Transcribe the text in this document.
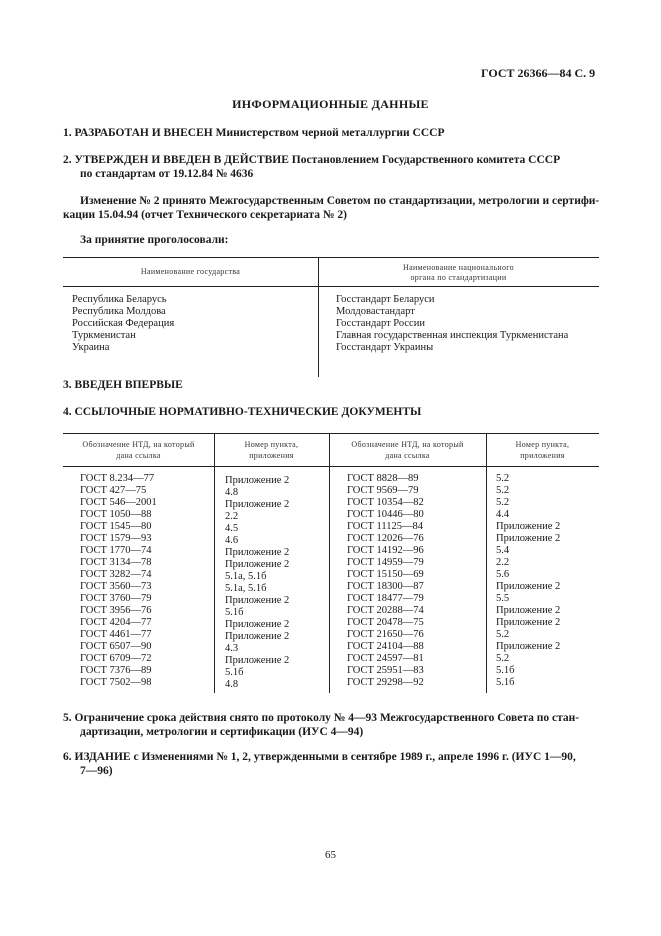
ГОСТ 26366—84 С. 9
ИНФОРМАЦИОННЫЕ ДАННЫЕ
1. РАЗРАБОТАН И ВНЕСЕН Министерством черной металлургии СССР
2. УТВЕРЖДЕН И ВВЕДЕН В ДЕЙСТВИЕ Постановлением Государственного комитета СССР
по стандартам от 19.12.84 № 4636
Изменение № 2 принято Межгосударственным Советом по стандартизации, метрологии и сертифи-
кации 15.04.94 (отчет Технического секретариата № 2)
За принятие проголосовали:
Наименование государства	Наименование национального
органа по стандартизации
Республика Беларусь
Республика Молдова
Российская Федерация
Туркменистан
Украина
Госстандарт Беларуси
Молдовастандарт
Госстандарт России
Главная государственная инспекция Туркменистана
Госстандарт Украины
3. ВВЕДЕН ВПЕРВЫЕ
4. ССЫЛОЧНЫЕ НОРМАТИВНО-ТЕХНИЧЕСКИЕ ДОКУМЕНТЫ
Обозначение НТД, на который
дана ссылка
Номер пункта,
приложения
Обозначение НТД, на который
дана ссылка
Номер пункта,
приложения
ГОСТ 8.234—77
ГОСТ 427—75
ГОСТ 546—2001
ГОСТ 1050—88
ГОСТ 1545—80
ГОСТ 1579—93
ГОСТ 1770—74
ГОСТ 3134—78
ГОСТ 3282—74
ГОСТ 3560—73
ГОСТ 3760—79
ГОСТ 3956—76
ГОСТ 4204—77
ГОСТ 4461—77
ГОСТ 6507—90
ГОСТ 6709—72
ГОСТ 7376—89
ГОСТ 7502—98
Приложение 2
4.8
Приложение 2
2.2
4.5
4.6
Приложение 2
Приложение 2
5.1а, 5.1б
5.1а, 5.1б
Приложение 2
5.1б
Приложение 2
Приложение 2
4.3
Приложение 2
5.1б
4.8
ГОСТ 8828—89
ГОСТ 9569—79
ГОСТ 10354—82
ГОСТ 10446—80
ГОСТ 11125—84
ГОСТ 12026—76
ГОСТ 14192—96
ГОСТ 14959—79
ГОСТ 15150—69
ГОСТ 18300—87
ГОСТ 18477—79
ГОСТ 20288—74
ГОСТ 20478—75
ГОСТ 21650—76
ГОСТ 24104—88
ГОСТ 24597—81
ГОСТ 25951—83
ГОСТ 29298—92
5.2
5.2
5.2
4.4
Приложение 2
Приложение 2
5.4
2.2
5.6
Приложение 2
5.5
Приложение 2
Приложение 2
5.2
Приложение 2
5.2
5.1б
5.1б
5. Ограничение срока действия снято по протоколу № 4—93 Межгосударственного Совета по стан-
дартизации, метрологии и сертификации (ИУС 4—94)
6. ИЗДАНИЕ с Изменениями № 1, 2, утвержденными в сентябре 1989 г., апреле 1996 г. (ИУС 1—90,
7—96)
65
